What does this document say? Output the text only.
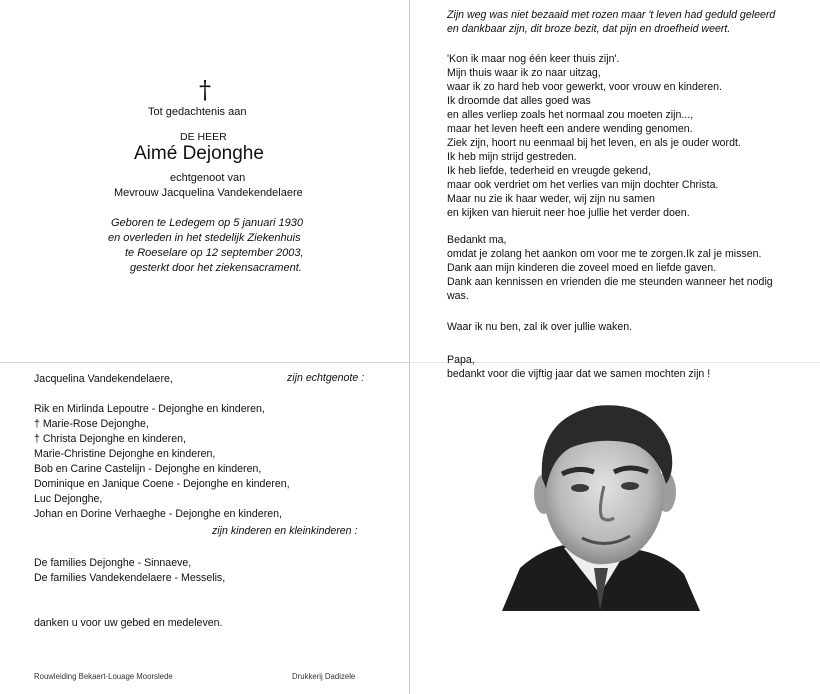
†
Tot gedachtenis aan
DE HEER
Aimé Dejonghe
echtgenoot van
Mevrouw Jacquelina Vandekendelaere
Geboren te Ledegem op 5 januari 1930
en overleden in het stedelijk Ziekenhuis
te Roeselare op 12 september 2003,
gesterkt door het ziekensacrament.
Jacquelina Vandekendelaere,	zijn echtgenote :
Rik en Mirlinda Lepoutre - Dejonghe en kinderen,
† Marie-Rose Dejonghe,
† Christa Dejonghe en kinderen,
Marie-Christine Dejonghe en kinderen,
Bob en Carine Castelijn - Dejonghe en kinderen,
Dominique en Janique Coene - Dejonghe en kinderen,
Luc Dejonghe,
Johan en Dorine Verhaeghe - Dejonghe en kinderen,
zijn kinderen en kleinkinderen :
De families Dejonghe - Sinnaeve,
De families Vandekendelaere - Messelis,
danken u voor uw gebed en medeleven.
Rouwleiding Bekaert-Louage Moorslede	Drukkerij Dadizele
Zijn weg was niet bezaaid met rozen maar 't leven had geduld geleerd
en dankbaar zijn, dit broze bezit, dat pijn en droefheid weert.
'Kon ik maar nog één keer thuis zijn'.
Mijn thuis waar ik zo naar uitzag,
waar ik zo hard heb voor gewerkt, voor vrouw en kinderen.
Ik droomde dat alles goed was
en alles verliep zoals het normaal zou moeten zijn...,
maar het leven heeft een andere wending genomen.
Ziek zijn, hoort nu eenmaal bij het leven, en als je ouder wordt.
Ik heb mijn strijd gestreden.
Ik heb liefde, tederheid en vreugde gekend,
maar ook verdriet om het verlies van mijn dochter Christa.
Maar nu zie ik haar weder, wij zijn nu samen
en kijken van hieruit neer hoe jullie het verder doen.
Bedankt ma,
omdat je zolang het aankon om voor me te zorgen.Ik zal je missen.
Dank aan mijn kinderen die zoveel moed en liefde gaven.
Dank aan kennissen en vrienden die me steunden wanneer het nodig
was.
Waar ik nu ben, zal ik over jullie waken.
Papa,
bedankt voor die vijftig jaar dat we samen mochten zijn !
